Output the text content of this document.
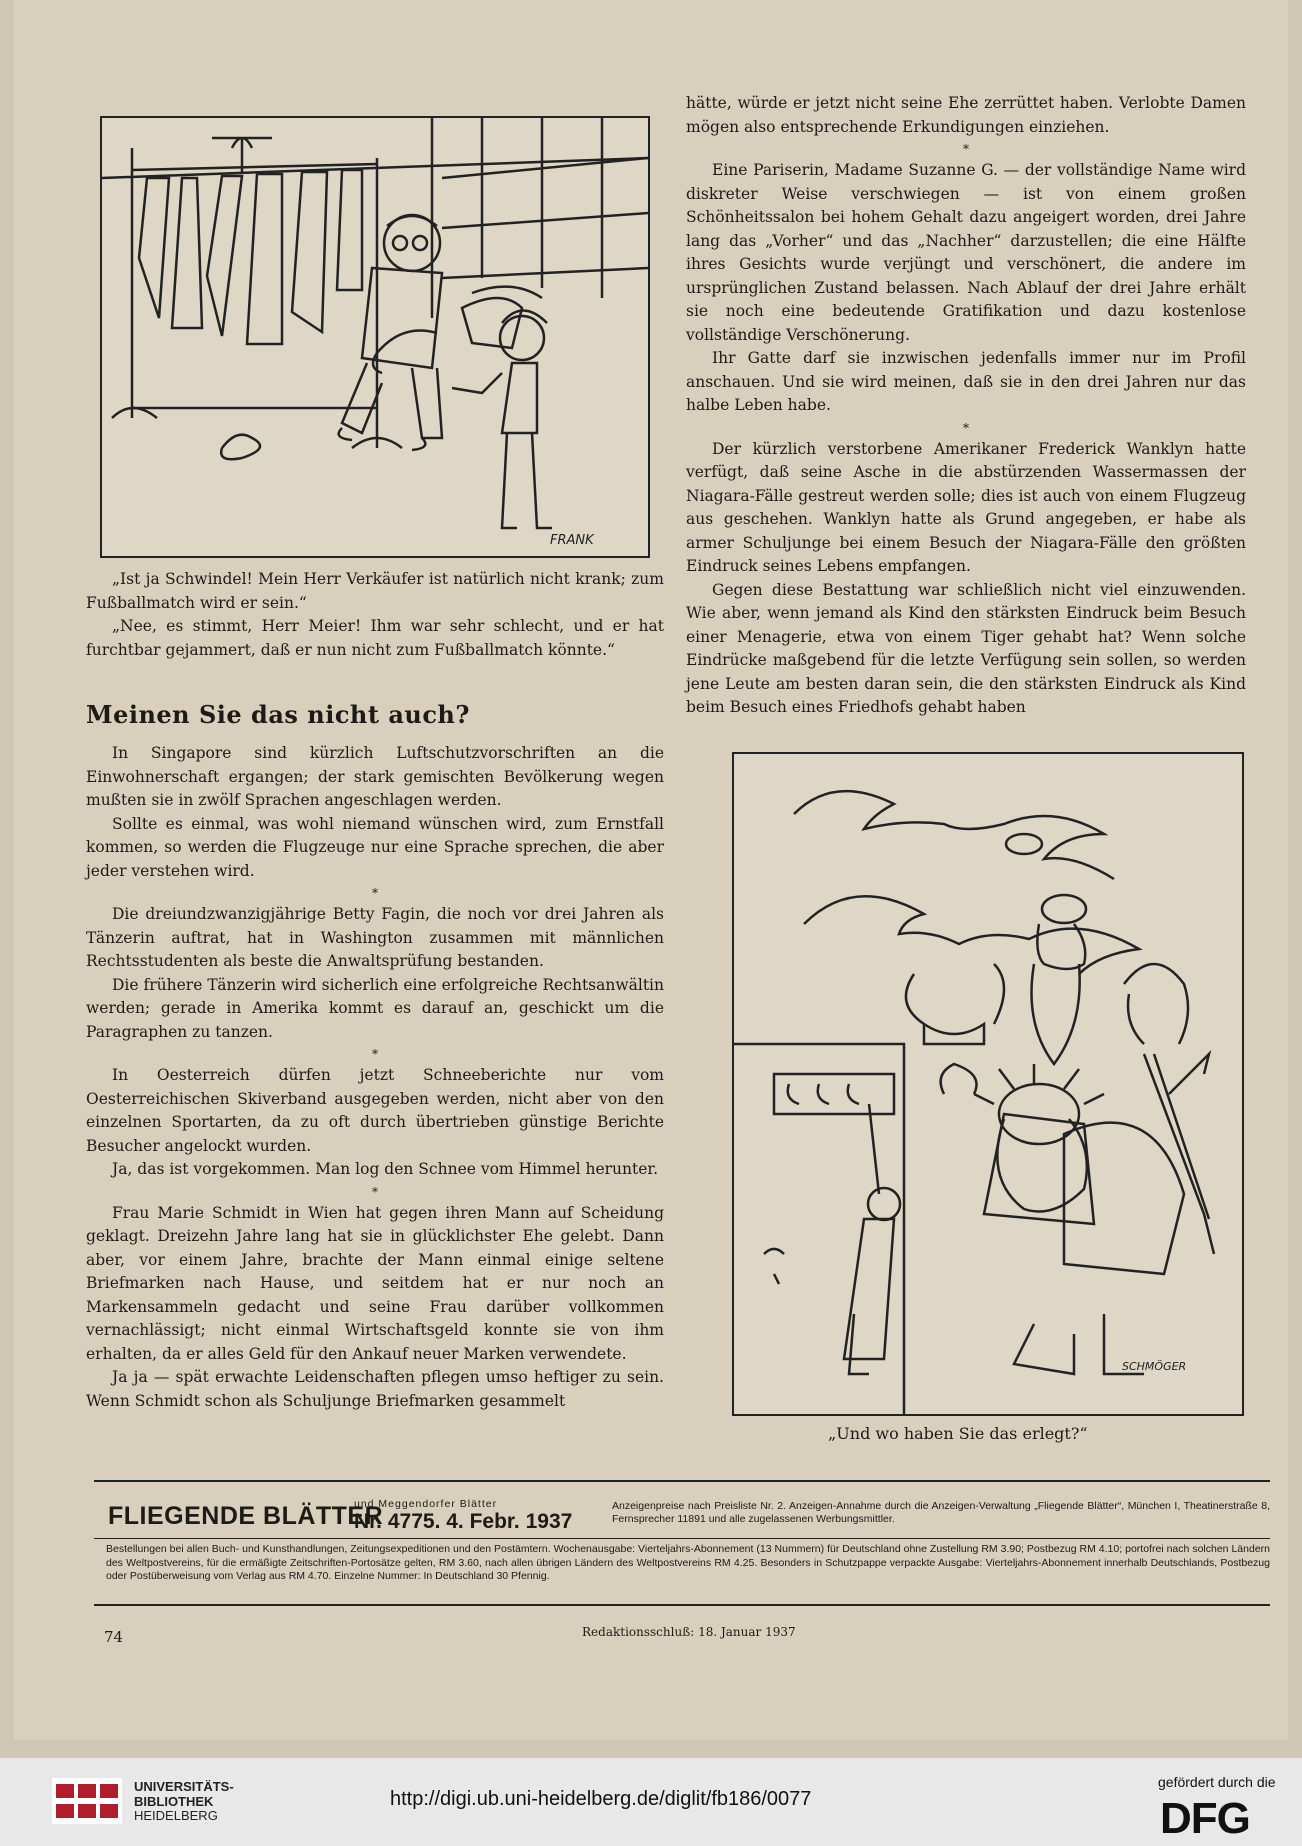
FRANK

„Ist ja Schwindel! Mein Herr Verkäufer ist natürlich nicht krank; zum Fußballmatch wird er sein.“

„Nee, es stimmt, Herr Meier! Ihm war sehr schlecht, und er hat furchtbar gejammert, daß er nun nicht zum Fußballmatch könnte.“

Meinen Sie das nicht auch?

In Singapore sind kürzlich Luftschutzvorschriften an die Einwohnerschaft ergangen; der stark gemischten Bevölkerung wegen mußten sie in zwölf Sprachen angeschlagen werden.

Sollte es einmal, was wohl niemand wünschen wird, zum Ernstfall kommen, so werden die Flugzeuge nur eine Sprache sprechen, die aber jeder verstehen wird.

*

Die dreiundzwanzigjährige Betty Fagin, die noch vor drei Jahren als Tänzerin auftrat, hat in Washington zusammen mit männlichen Rechtsstudenten als beste die Anwaltsprüfung bestanden.

Die frühere Tänzerin wird sicherlich eine erfolgreiche Rechtsanwältin werden; gerade in Amerika kommt es darauf an, geschickt um die Paragraphen zu tanzen.

*

In Oesterreich dürfen jetzt Schneeberichte nur vom Oesterreichischen Skiverband ausgegeben werden, nicht aber von den einzelnen Sportarten, da zu oft durch übertrieben günstige Berichte Besucher angelockt wurden.

Ja, das ist vorgekommen. Man log den Schnee vom Himmel herunter.

*

Frau Marie Schmidt in Wien hat gegen ihren Mann auf Scheidung geklagt. Dreizehn Jahre lang hat sie in glücklichster Ehe gelebt. Dann aber, vor einem Jahre, brachte der Mann einmal einige seltene Briefmarken nach Hause, und seitdem hat er nur noch an Markensammeln gedacht und seine Frau darüber vollkommen vernachlässigt; nicht einmal Wirtschaftsgeld konnte sie von ihm erhalten, da er alles Geld für den Ankauf neuer Marken verwendete.

Ja ja — spät erwachte Leidenschaften pflegen umso heftiger zu sein. Wenn Schmidt schon als Schuljunge Briefmarken gesammelt

hätte, würde er jetzt nicht seine Ehe zerrüttet haben. Verlobte Damen mögen also entsprechende Erkundigungen einziehen.

*

Eine Pariserin, Madame Suzanne G. — der vollständige Name wird diskreter Weise verschwiegen — ist von einem großen Schönheitssalon bei hohem Gehalt dazu angeigert worden, drei Jahre lang das „Vorher“ und das „Nachher“ darzustellen; die eine Hälfte ihres Gesichts wurde verjüngt und verschönert, die andere im ursprünglichen Zustand belassen. Nach Ablauf der drei Jahre erhält sie noch eine bedeutende Gratifikation und dazu kostenlose vollständige Verschönerung.

Ihr Gatte darf sie inzwischen jedenfalls immer nur im Profil anschauen. Und sie wird meinen, daß sie in den drei Jahren nur das halbe Leben habe.

*

Der kürzlich verstorbene Amerikaner Frederick Wanklyn hatte verfügt, daß seine Asche in die abstürzenden Wassermassen der Niagara-Fälle gestreut werden solle; dies ist auch von einem Flugzeug aus geschehen. Wanklyn hatte als Grund angegeben, er habe als armer Schuljunge bei einem Besuch der Niagara-Fälle den größten Eindruck seines Lebens empfangen.

Gegen diese Bestattung war schließlich nicht viel einzuwenden. Wie aber, wenn jemand als Kind den stärksten Eindruck beim Besuch einer Menagerie, etwa von einem Tiger gehabt hat? Wenn solche Eindrücke maßgebend für die letzte Verfügung sein sollen, so werden jene Leute am besten daran sein, die den stärksten Eindruck als Kind beim Besuch eines Friedhofs gehabt haben

SCHMÖGER
„Und wo haben Sie das erlegt?“
FLIEGENDE BLÄTTER
und Meggendorfer Blätter
Nr. 4775. 4. Febr. 1937
Anzeigenpreise nach Preisliste Nr. 2. Anzeigen-Annahme durch die Anzeigen-Verwaltung „Fliegende Blätter“, München I, Theatinerstraße 8, Fernsprecher 11891 und alle zugelassenen Werbungsmittler.
Bestellungen bei allen Buch- und Kunsthandlungen, Zeitungsexpeditionen und den Postämtern. Wochenausgabe: Vierteljahrs-Abonnement (13 Nummern) für Deutschland ohne Zustellung RM 3.90; Postbezug RM 4.10; portofrei nach solchen Ländern des Weltpostvereins, für die ermäßigte Zeitschriften-Portosätze gelten, RM 3.60, nach allen übrigen Ländern des Weltpostvereins RM 4.25. Besonders in Schutzpappe verpackte Ausgabe: Vierteljahrs-Abonnement innerhalb Deutschlands, Postbezug oder Postüberweisung vom Verlag aus RM 4.70. Einzelne Nummer: In Deutschland 30 Pfennig.
74	Redaktionsschluß: 18. Januar 1937
UNIVERSITÄTS-
BIBLIOTHEK
HEIDELBERG
http://digi.ub.uni-heidelberg.de/diglit/fb186/0077
gefördert durch die
DFG
